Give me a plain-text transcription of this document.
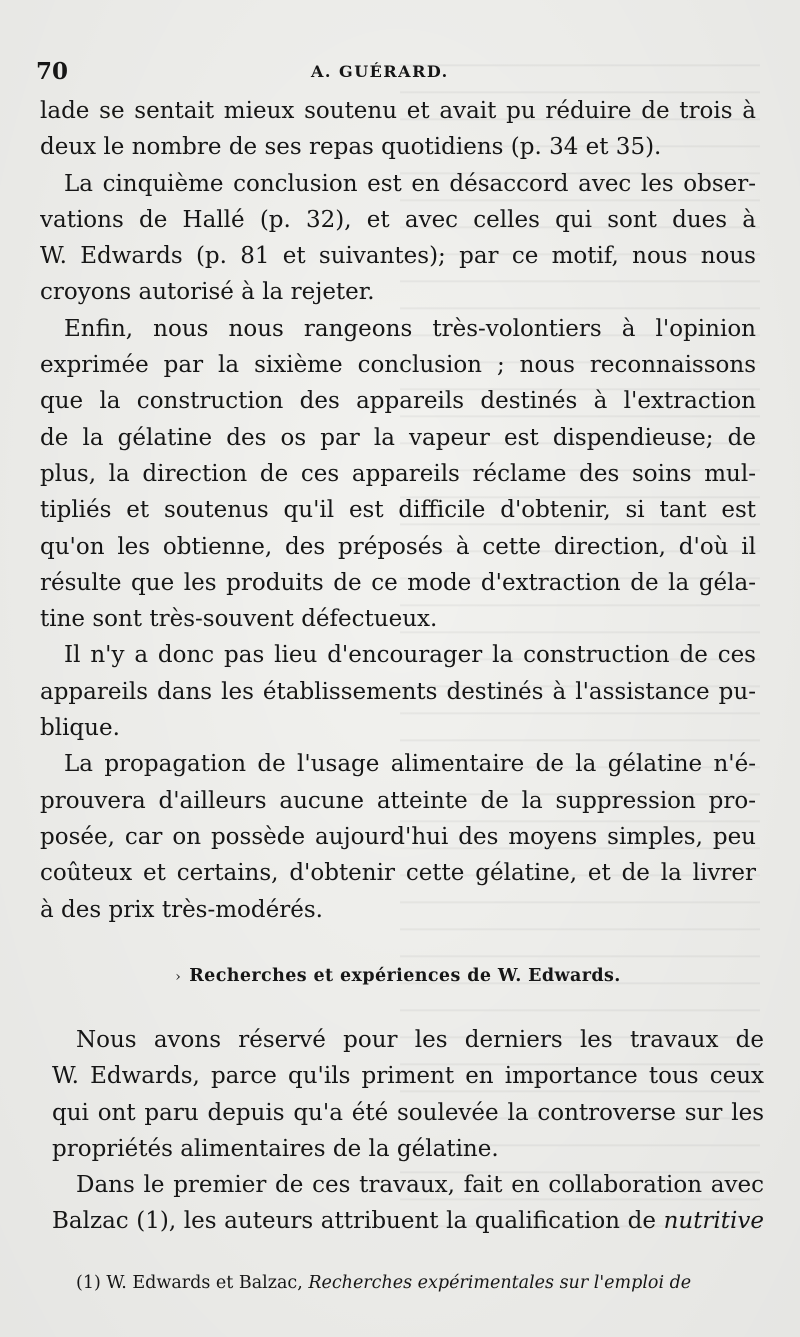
70	A. GUÉRARD.
lade se sentait mieux soutenu et avait pu réduire de trois à
deux le nombre de ses repas quotidiens (p. 34 et 35).
La cinquième conclusion est en désaccord avec les obser-
vations de Hallé (p. 32), et avec celles qui sont dues à
W. Edwards (p. 81 et suivantes); par ce motif, nous nous
croyons autorisé à la rejeter.
Enfin, nous nous rangeons très-volontiers à l'opinion
exprimée par la sixième conclusion ; nous reconnaissons
que la construction des appareils destinés à l'extraction
de la gélatine des os par la vapeur est dispendieuse; de
plus, la direction de ces appareils réclame des soins mul-
tipliés et soutenus qu'il est difficile d'obtenir, si tant est
qu'on les obtienne, des préposés à cette direction, d'où il
résulte que les produits de ce mode d'extraction de la géla-
tine sont très-souvent défectueux.
Il n'y a donc pas lieu d'encourager la construction de ces
appareils dans les établissements destinés à l'assistance pu-
blique.
La propagation de l'usage alimentaire de la gélatine n'é-
prouvera d'ailleurs aucune atteinte de la suppression pro-
posée, car on possède aujourd'hui des moyens simples, peu
coûteux et certains, d'obtenir cette gélatine, et de la livrer
à des prix très-modérés.
› Recherches et expériences de W. Edwards.
Nous avons réservé pour les derniers les travaux de
W. Edwards, parce qu'ils priment en importance tous ceux
qui ont paru depuis qu'a été soulevée la controverse sur les
propriétés alimentaires de la gélatine.
Dans le premier de ces travaux, fait en collaboration avec
Balzac (1), les auteurs attribuent la qualification de nutritive
(1) W. Edwards et Balzac, Recherches expérimentales sur l'emploi de
